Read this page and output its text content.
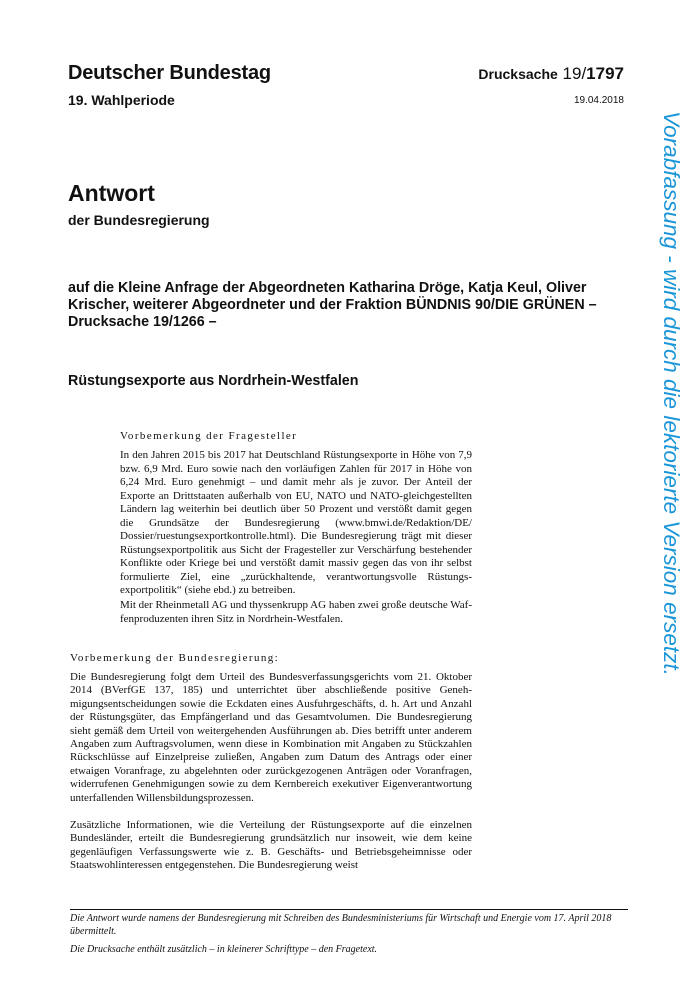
Deutscher Bundestag
19. Wahlperiode
Drucksache 19/1797
19.04.2018
Antwort
der Bundesregierung
auf die Kleine Anfrage der Abgeordneten Katharina Dröge, Katja Keul, Oliver Krischer, weiterer Abgeordneter und der Fraktion BÜNDNIS 90/DIE GRÜNEN – Drucksache 19/1266 –
Rüstungsexporte aus Nordrhein-Westfalen
Vorbemerkung der Fragesteller
In den Jahren 2015 bis 2017 hat Deutschland Rüstungsexporte in Höhe von 7,9 bzw. 6,9 Mrd. Euro sowie nach den vorläufigen Zahlen für 2017 in Höhe von 6,24 Mrd. Euro genehmigt – und damit mehr als je zuvor. Der Anteil der Exporte an Drittstaaten außerhalb von EU, NATO und NATO-gleichgestellten Ländern lag weiterhin bei deutlich über 50 Prozent und verstößt damit gegen die Grundsätze der Bundesregierung (www.bmwi.de/Redaktion/DE/ Dossier/ruestungsexportkontrolle.html). Die Bundesregierung trägt mit dieser Rüstungsexportpolitik aus Sicht der Fragesteller zur Verschärfung bestehender Konflikte oder Kriege bei und verstößt damit massiv gegen das von ihr selbst formulierte Ziel, eine „zurückhaltende, verantwortungsvolle Rüstungsexportpolitik“ (siehe ebd.) zu betreiben.
Mit der Rheinmetall AG und thyssenkrupp AG haben zwei große deutsche Waffenproduzenten ihren Sitz in Nordrhein-Westfalen.
Vorbemerkung der Bundesregierung:
Die Bundesregierung folgt dem Urteil des Bundesverfassungsgerichts vom 21. Oktober 2014 (BVerfGE 137, 185) und unterrichtet über abschließende positive Genehmigungsentscheidungen sowie die Eckdaten eines Ausfuhrgeschäfts, d. h. Art und Anzahl der Rüstungsgüter, das Empfängerland und das Gesamtvolumen. Die Bundesregierung sieht gemäß dem Urteil von weitergehenden Ausführungen ab. Dies betrifft unter anderem Angaben zum Auftragsvolumen, wenn diese in Kombination mit Angaben zu Stückzahlen Rückschlüsse auf Einzelpreise zuließen, Angaben zum Datum des Antrags oder einer etwaigen Voranfrage, zu abgelehnten oder zurückgezogenen Anträgen oder Voranfragen, widerrufenen Genehmigungen sowie zu dem Kernbereich exekutiver Eigenverantwortung unterfallenden Willensbildungsprozessen.
Zusätzliche Informationen, wie die Verteilung der Rüstungsexporte auf die einzelnen Bundesländer, erteilt die Bundesregierung grundsätzlich nur insoweit, wie dem keine gegenläufigen Verfassungswerte wie z. B. Geschäfts- und Betriebsgeheimnisse oder Staatswohlinteressen entgegenstehen. Die Bundesregierung weist
Die Antwort wurde namens der Bundesregierung mit Schreiben des Bundesministeriums für Wirtschaft und Energie vom 17. April 2018 übermittelt.
Die Drucksache enthält zusätzlich – in kleinerer Schrifttype – den Fragetext.
Vorabfassung - wird durch die lektorierte Version ersetzt.
